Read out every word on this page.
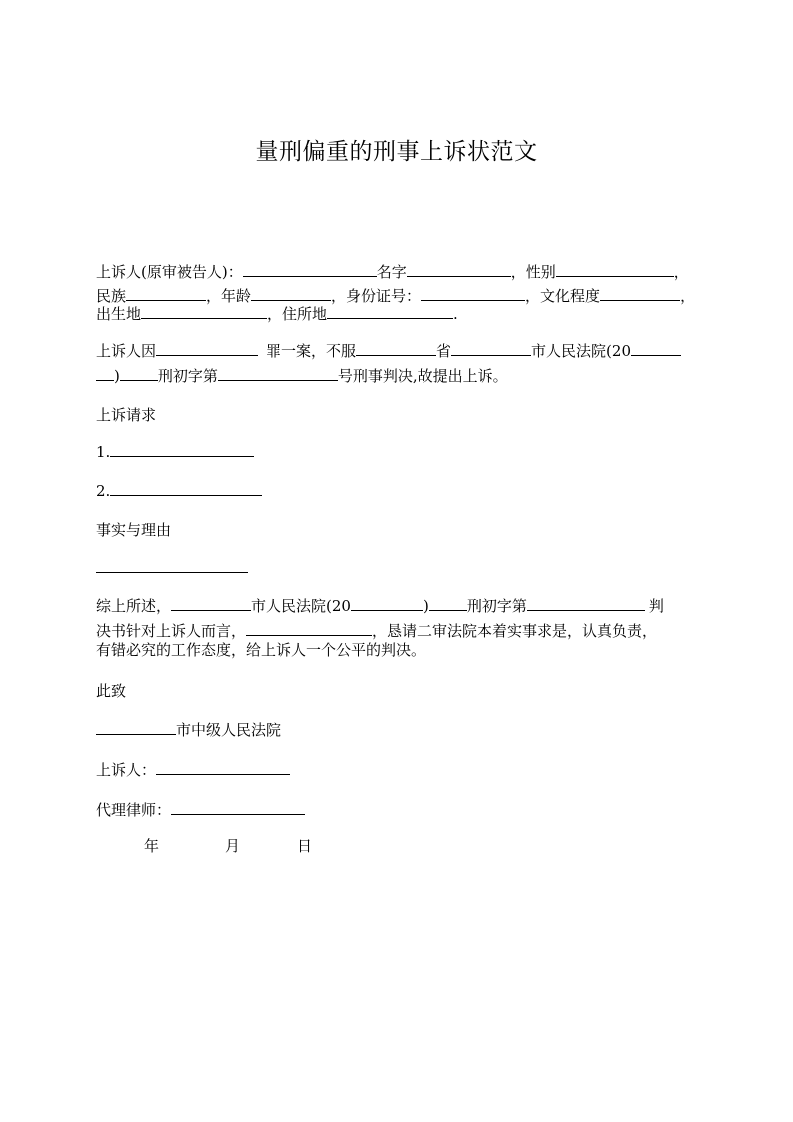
量刑偏重的刑事上诉状范文
上诉人(原审被告人)：	名字	，性别	，
民族	，年龄	，身份证号：	，文化程度	，
出生地	，住所地	.
上诉人因	罪一案，不服	省	市人民法院(20
)	刑初字第	号刑事判决,故提出上诉。
上诉请求
1.
2.
事实与理由
综上所述，	市人民法院(20	)	刑初字第	判
决书针对上诉人而言，	，恳请二审法院本着实事求是，认真负责，
有错必究的工作态度，给上诉人一个公平的判决。
此致
市中级人民法院
上诉人：
代理律师：
年	月	日
